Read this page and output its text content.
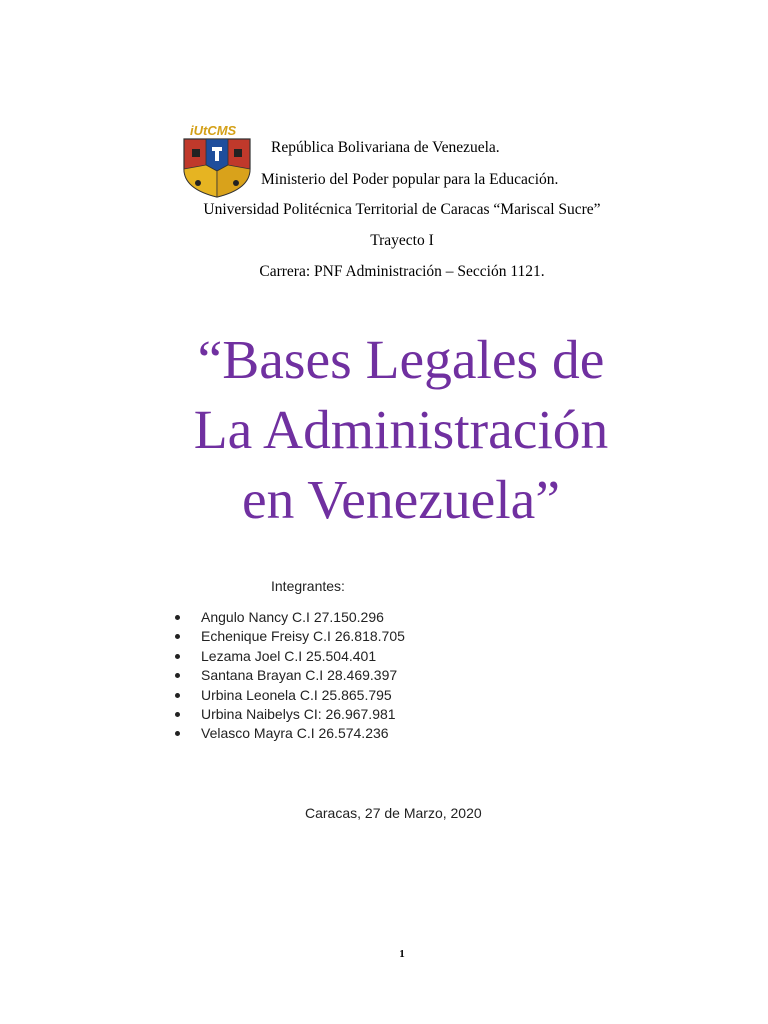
iUtCMS
República Bolivariana de Venezuela.
Ministerio del Poder popular para la Educación.
Universidad Politécnica Territorial de Caracas “Mariscal Sucre”
Trayecto I
Carrera: PNF Administración – Sección 1121.
“Bases Legales de
La Administración
en Venezuela”
Integrantes:
Angulo Nancy C.I 27.150.296
Echenique Freisy C.I 26.818.705
Lezama Joel C.I 25.504.401
Santana Brayan C.I 28.469.397
Urbina Leonela C.I 25.865.795
Urbina Naibelys CI: 26.967.981
Velasco Mayra C.I 26.574.236
Caracas, 27 de Marzo, 2020
1
